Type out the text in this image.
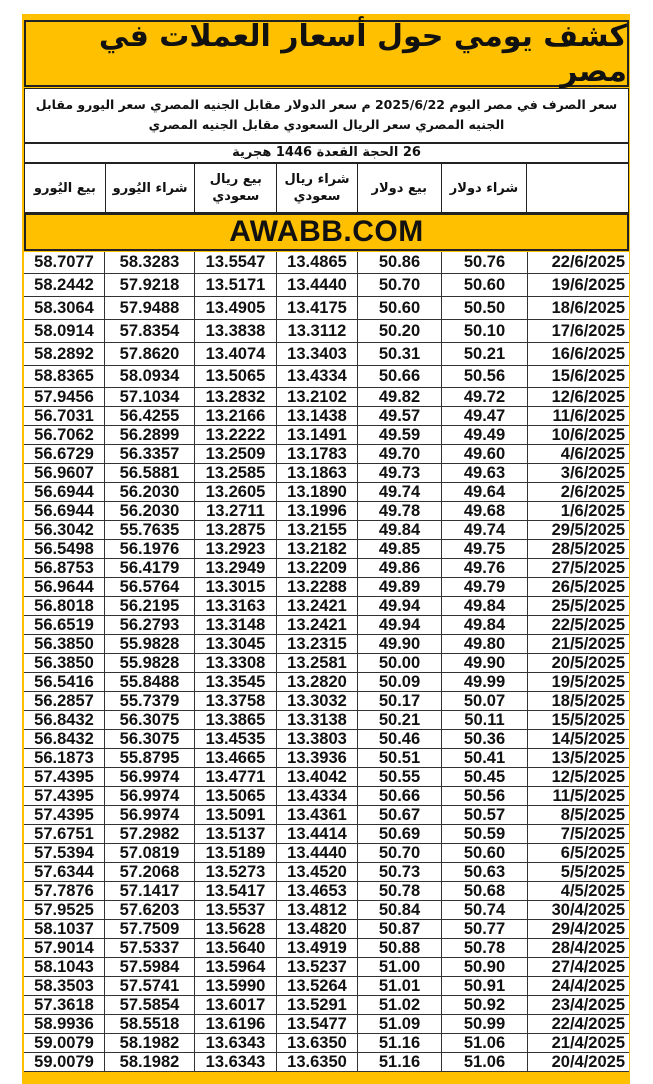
كشف يومي حول أسعار العملات في مصر
سعر الصرف في مصر اليوم 2025/6/22 م سعر الدولار مقابل الجنيه المصري سعر اليورو مقابل الجنيه المصري سعر الريال السعودي مقابل الجنيه المصري
26 الحجة القعدة 1446 هجرية
شراء دولار
بيع دولار
شراء ريال سعودي
بيع ريال سعودي
شراء اليُورو
بيع اليُورو
AWABB.COM
22/6/2025
50.76
50.86
13.4865
13.5547
58.3283
58.7077
19/6/2025
50.60
50.70
13.4440
13.5171
57.9218
58.2442
18/6/2025
50.50
50.60
13.4175
13.4905
57.9488
58.3064
17/6/2025
50.10
50.20
13.3112
13.3838
57.8354
58.0914
16/6/2025
50.21
50.31
13.3403
13.4074
57.8620
58.2892
15/6/2025
50.56
50.66
13.4334
13.5065
58.0934
58.8365
12/6/2025
49.72
49.82
13.2102
13.2832
57.1034
57.9456
11/6/2025
49.47
49.57
13.1438
13.2166
56.4255
56.7031
10/6/2025
49.49
49.59
13.1491
13.2222
56.2899
56.7062
4/6/2025
49.60
49.70
13.1783
13.2509
56.3357
56.6729
3/6/2025
49.63
49.73
13.1863
13.2585
56.5881
56.9607
2/6/2025
49.64
49.74
13.1890
13.2605
56.2030
56.6944
1/6/2025
49.68
49.78
13.1996
13.2711
56.2030
56.6944
29/5/2025
49.74
49.84
13.2155
13.2875
55.7635
56.3042
28/5/2025
49.75
49.85
13.2182
13.2923
56.1976
56.5498
27/5/2025
49.76
49.86
13.2209
13.2949
56.4179
56.8753
26/5/2025
49.79
49.89
13.2288
13.3015
56.5764
56.9644
25/5/2025
49.84
49.94
13.2421
13.3163
56.2195
56.8018
22/5/2025
49.84
49.94
13.2421
13.3148
56.2793
56.6519
21/5/2025
49.80
49.90
13.2315
13.3045
55.9828
56.3850
20/5/2025
49.90
50.00
13.2581
13.3308
55.9828
56.3850
19/5/2025
49.99
50.09
13.2820
13.3545
55.8488
56.5416
18/5/2025
50.07
50.17
13.3032
13.3758
55.7379
56.2857
15/5/2025
50.11
50.21
13.3138
13.3865
56.3075
56.8432
14/5/2025
50.36
50.46
13.3803
13.4535
56.3075
56.8432
13/5/2025
50.41
50.51
13.3936
13.4665
55.8795
56.1873
12/5/2025
50.45
50.55
13.4042
13.4771
56.9974
57.4395
11/5/2025
50.56
50.66
13.4334
13.5065
56.9974
57.4395
8/5/2025
50.57
50.67
13.4361
13.5091
56.9974
57.4395
7/5/2025
50.59
50.69
13.4414
13.5137
57.2982
57.6751
6/5/2025
50.60
50.70
13.4440
13.5189
57.0819
57.5394
5/5/2025
50.63
50.73
13.4520
13.5273
57.2068
57.6344
4/5/2025
50.68
50.78
13.4653
13.5417
57.1417
57.7876
30/4/2025
50.74
50.84
13.4812
13.5537
57.6203
57.9525
29/4/2025
50.77
50.87
13.4820
13.5628
57.7509
58.1037
28/4/2025
50.78
50.88
13.4919
13.5640
57.5337
57.9014
27/4/2025
50.90
51.00
13.5237
13.5964
57.5984
58.1043
24/4/2025
50.91
51.01
13.5264
13.5990
57.5741
58.3503
23/4/2025
50.92
51.02
13.5291
13.6017
57.5854
57.3618
22/4/2025
50.99
51.09
13.5477
13.6196
58.5518
58.9936
21/4/2025
51.06
51.16
13.6350
13.6343
58.1982
59.0079
20/4/2025
51.06
51.16
13.6350
13.6343
58.1982
59.0079
